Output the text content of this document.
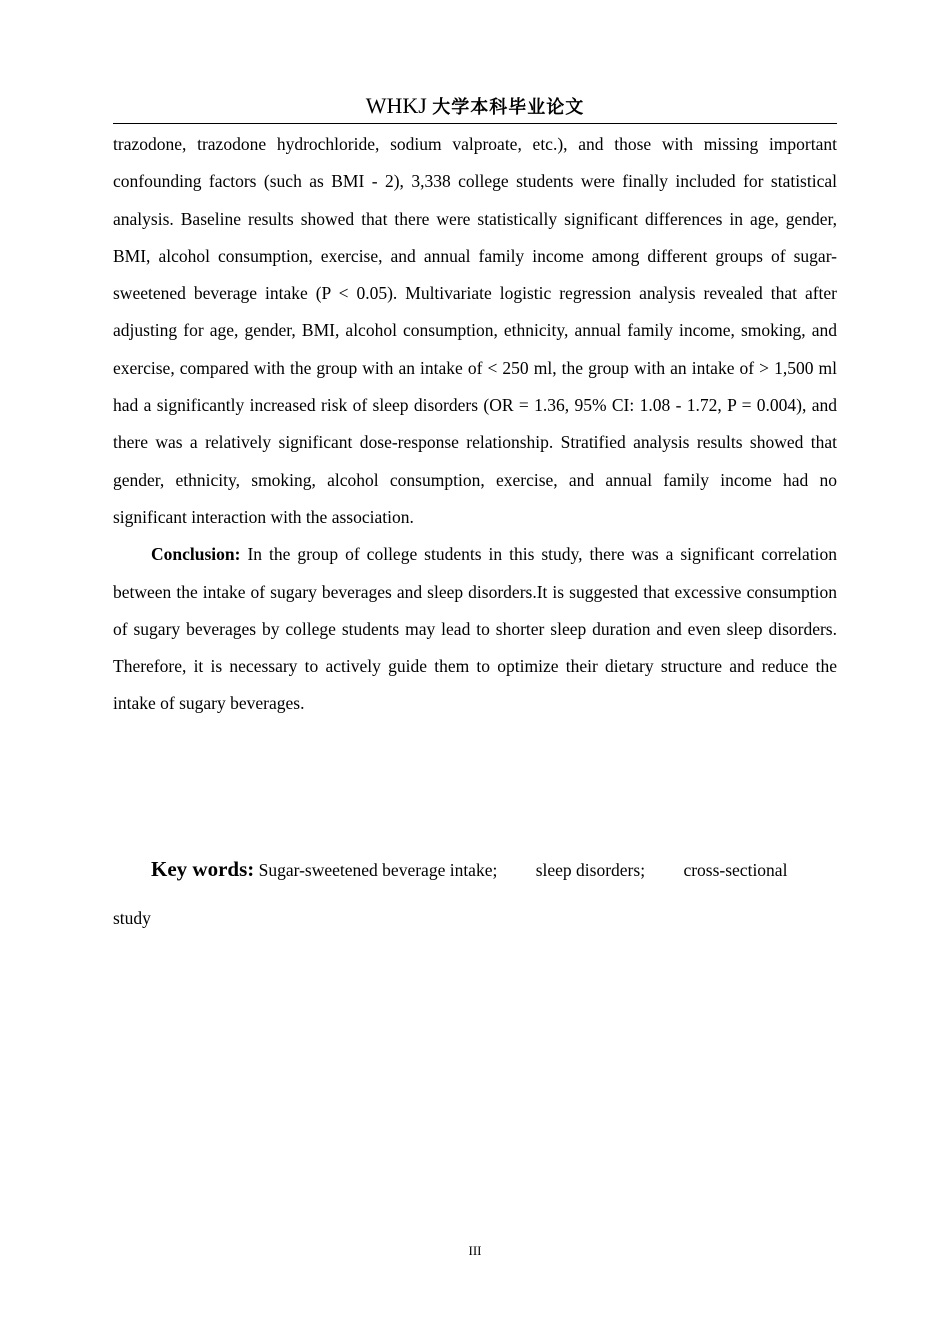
WHKJ 大学本科毕业论文

trazodone, trazodone hydrochloride, sodium valproate, etc.), and those with missing important confounding factors (such as BMI - 2), 3,338 college students were finally included for statistical analysis. Baseline results showed that there were statistically significant differences in age, gender, BMI, alcohol consumption, exercise, and annual family income among different groups of sugar-sweetened beverage intake (P < 0.05). Multivariate logistic regression analysis revealed that after adjusting for age, gender, BMI, alcohol consumption, ethnicity, annual family income, smoking, and exercise, compared with the group with an intake of < 250 ml, the group with an intake of > 1,500 ml had a significantly increased risk of sleep disorders (OR = 1.36, 95% CI: 1.08 - 1.72, P = 0.004), and there was a relatively significant dose-response relationship. Stratified analysis results showed that gender, ethnicity, smoking, alcohol consumption, exercise, and annual family income had no significant interaction with the association.

Conclusion: In the group of college students in this study, there was a significant correlation between the intake of sugary beverages and sleep disorders.It is suggested that excessive consumption of sugary beverages by college students may lead to shorter sleep duration and even sleep disorders. Therefore, it is necessary to actively guide them to optimize their dietary structure and reduce the intake of sugary beverages.

Key words: Sugar-sweetened beverage intake; sleep disorders; cross-sectional study
III
